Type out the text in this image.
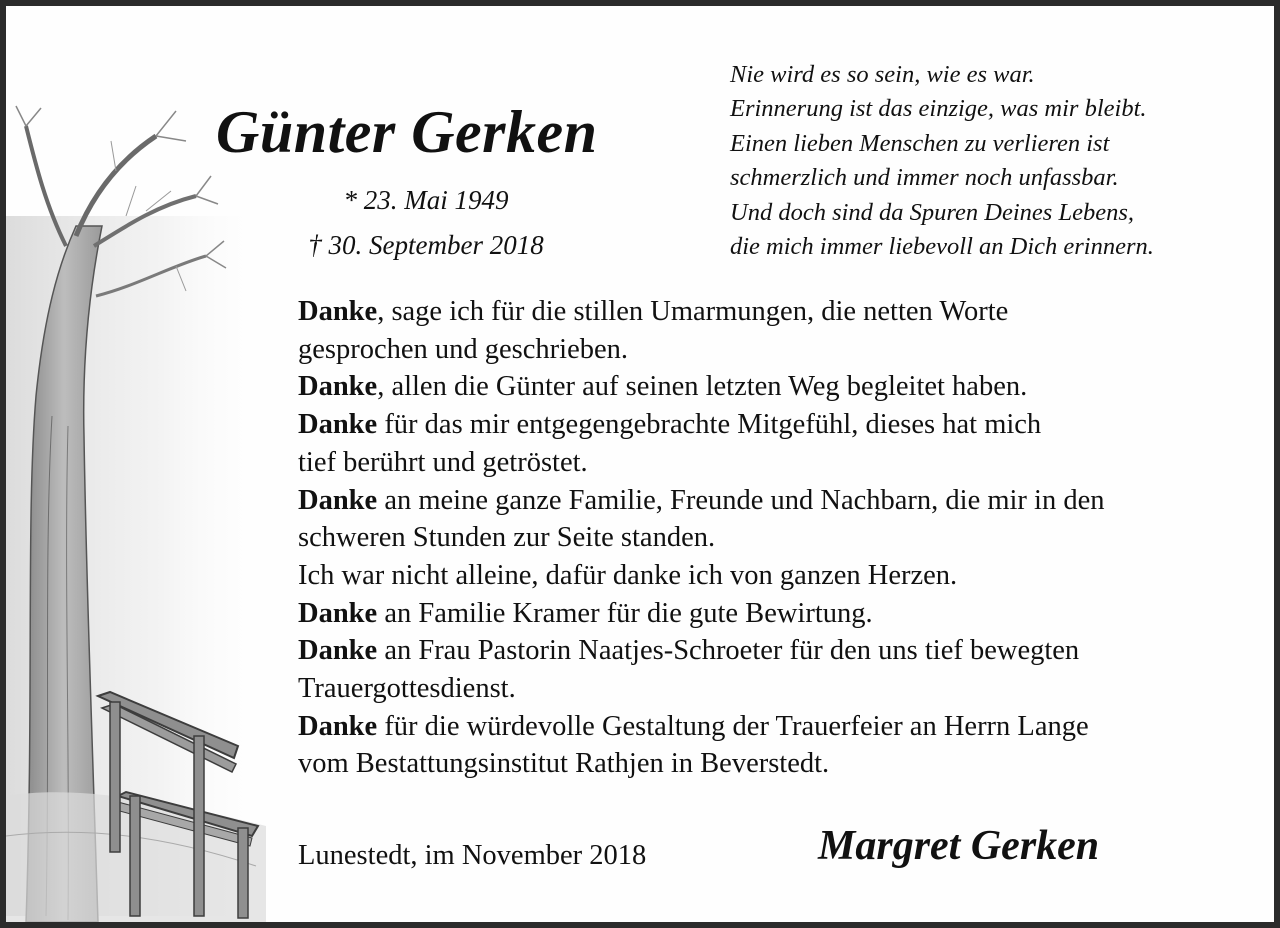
Günter Gerken
* 23. Mai 1949
† 30. September 2018
Nie wird es so sein, wie es war.
Erinnerung ist das einzige, was mir bleibt.
Einen lieben Menschen zu verlieren ist
schmerzlich und immer noch unfassbar.
Und doch sind da Spuren Deines Lebens,
die mich immer liebevoll an Dich erinnern.
Danke, sage ich für die stillen Umarmungen, die netten Worte
gesprochen und geschrieben.
Danke, allen die Günter auf seinen letzten Weg begleitet haben.
Danke für das mir entgegengebrachte Mitgefühl, dieses hat mich
tief berührt und getröstet.
Danke an meine ganze Familie, Freunde und Nachbarn, die mir in den
schweren Stunden zur Seite standen.
Ich war nicht alleine, dafür danke ich von ganzen Herzen.
Danke an Familie Kramer für die gute Bewirtung.
Danke an Frau Pastorin Naatjes-Schroeter für den uns tief bewegten
Trauergottesdienst.
Danke für die würdevolle Gestaltung der Trauerfeier an Herrn Lange
vom Bestattungsinstitut Rathjen in Beverstedt.
Lunestedt, im November 2018	Margret Gerken
